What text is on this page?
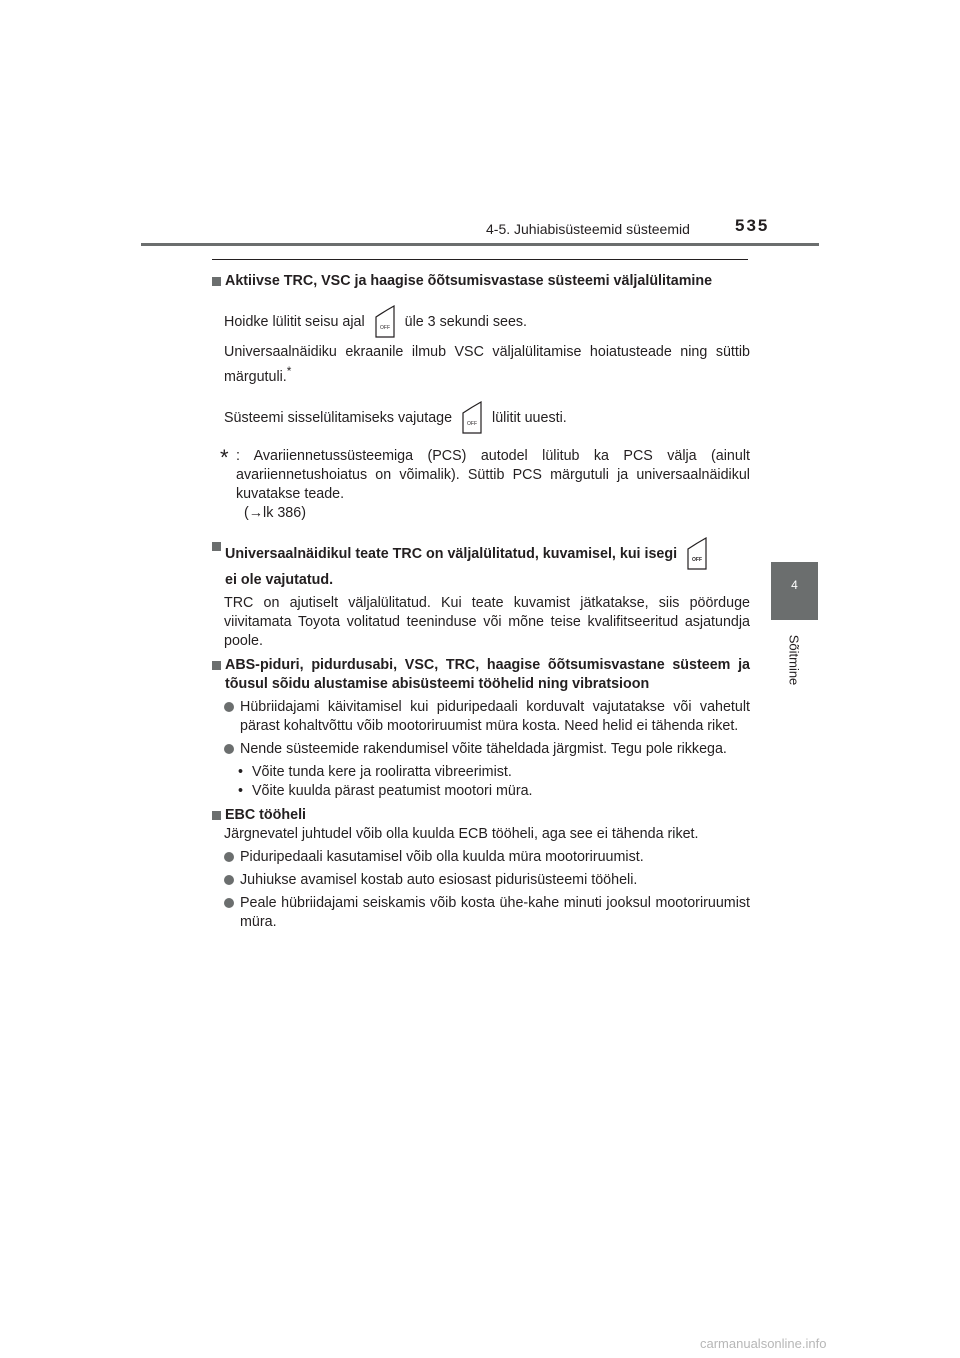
4-5. Juhiabisüsteemid süsteemid	535
4
Sõitmine
Aktiivse TRC, VSC ja haagise õõtsumisvastase süsteemi väljalülitamine
Hoidke lülitit seisu ajal	OFF üle 3 sekundi sees.
Universaalnäidiku ekraanile ilmub VSC väljalülitamise hoiatusteade ning süttib märgutuli.*
Süsteemi sisselülitamiseks vajutage	OFF lülitit uuesti.
* : Avariiennetussüsteemiga (PCS) autodel lülitub ka PCS välja (ainult avariiennetushoiatus on võimalik). Süttib PCS märgutuli ja universaalnäidikul kuvatakse teade.
(→lk 386)
Universaalnäidikul teate TRC on väljalülitatud, kuvamisel, kui isegi	OFF

ei ole vajutatud.
TRC on ajutiselt väljalülitatud. Kui teate kuvamist jätkatakse, siis pöörduge viivitamata Toyota volitatud teeninduse või mõne teise kvalifitseeritud asjatundja poole.
ABS-piduri, pidurdusabi, VSC, TRC, haagise õõtsumisvastane süsteem ja tõusul sõidu alustamise abisüsteemi tööhelid ning vibratsioon
Hübriidajami käivitamisel kui piduripedaali korduvalt vajutatakse või vahetult pärast kohaltvõttu võib mootoriruumist müra kosta. Need helid ei tähenda riket.
Nende süsteemide rakendumisel võite täheldada järgmist. Tegu pole rikkega.
• Võite tunda kere ja rooliratta vibreerimist.
• Võite kuulda pärast peatumist mootori müra.
EBC tööheli
Järgnevatel juhtudel võib olla kuulda ECB tööheli, aga see ei tähenda riket.
Piduripedaali kasutamisel võib olla kuulda müra mootoriruumist.
Juhiukse avamisel kostab auto esiosast pidurisüsteemi tööheli.
Peale hübriidajami seiskamis võib kosta ühe-kahe minuti jooksul mootoriruumist müra.
carmanualsonline.info
